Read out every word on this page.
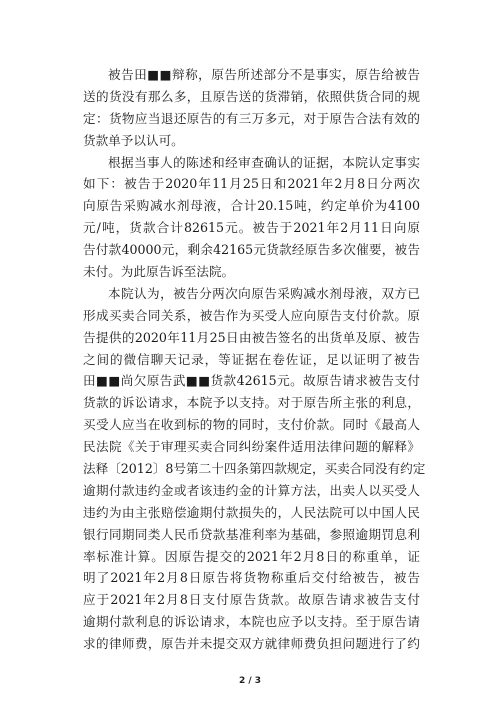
被告田■■辩称，原告所述部分不是事实，原告给被告
送的货没有那么多，且原告送的货滞销，依照供货合同的规
定：货物应当退还原告的有三万多元，对于原告合法有效的
货款单予以认可。
根据当事人的陈述和经审查确认的证据，本院认定事实
如下：被告于2020年11月25日和2021年2月8日分两次
向原告采购减水剂母液，合计20.15吨，约定单价为4100
元/吨，货款合计82615元。被告于2021年2月11日向原
告付款40000元，剩余42165元货款经原告多次催要，被告
未付。为此原告诉至法院。
本院认为，被告分两次向原告采购减水剂母液，双方已
形成买卖合同关系，被告作为买受人应向原告支付价款。原
告提供的2020年11月25日由被告签名的出货单及原、被告
之间的微信聊天记录，等证据在卷佐证，足以证明了被告
田■■尚欠原告武■■货款42615元。故原告请求被告支付
货款的诉讼请求，本院予以支持。对于原告所主张的利息，
买受人应当在收到标的物的同时，支付价款。同时《最高人
民法院《关于审理买卖合同纠纷案件适用法律问题的解释》
法释〔2012〕8号第二十四条第四款规定，买卖合同没有约定
逾期付款违约金或者该违约金的计算方法，出卖人以买受人
违约为由主张赔偿逾期付款损失的，人民法院可以中国人民
银行同期同类人民币贷款基准利率为基础，参照逾期罚息利
率标准计算。因原告提交的2021年2月8日的称重单，证
明了2021年2月8日原告将货物称重后交付给被告，被告
应于2021年2月8日支付原告货款。故原告请求被告支付
逾期付款利息的诉讼请求，本院也应予以支持。至于原告请
求的律师费，原告并未提交双方就律师费负担问题进行了约
2 / 3
